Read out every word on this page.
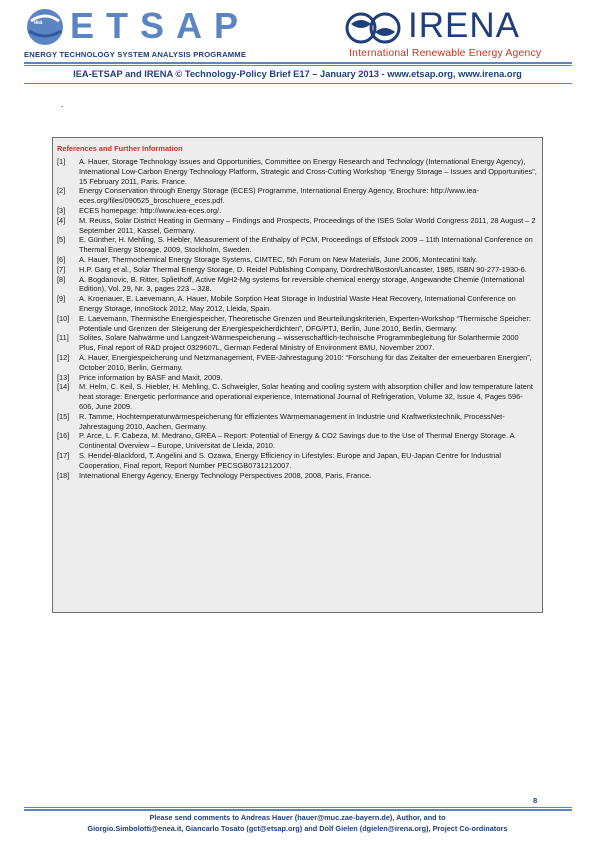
iea ETSAP
ENERGY TECHNOLOGY SYSTEM ANALYSIS PROGRAMME
IRENA
International Renewable Energy Agency
IEA-ETSAP and IRENA © Technology-Policy Brief E17 – January 2013 - www.etsap.org, www.irena.org
.
References and Further Information
[1] A. Hauer, Storage Technology Issues and Opportunities, Committee on Energy Research and Technology (International Energy Agency), International Low-Carbon Energy Technology Platform, Strategic and Cross-Cutting Workshop “Energy Storage – Issues and Opportunities”, 15 February 2011, Paris. France.
[2] Energy Conservation through Energy Storage (ECES) Programme, International Energy Agency, Brochure: http://www.iea-eces.org/files/090525_broschuere_eces.pdf.
[3] ECES homepage: http://www.iea-eces.org/.
[4] M. Reuss, Solar District Heating in Germany – Findings and Prospects, Proceedings of the ISES Solar World Congress 2011, 28 August – 2 September 2011, Kassel, Germany.
[5] E. Günther, H. Mehling, S. Hiebler, Measurement of the Enthalpy of PCM, Proceedings of Effstock 2009 – 11th International Conference on Thermal Energy Storage, 2009, Stockholm, Sweden.
[6] A. Hauer, Thermochemical Energy Storage Systems, CIMTEC, 5th Forum on New Materials, June 2006, Montecatini Italy.
[7] H.P. Garg et al., Solar Thermal Energy Storage, D. Reidel Publishing Company, Dordrecht/Boston/Lancaster, 1985, ISBN 90-277-1930-6.
[8] A. Bogdanovic, B. Ritter, Spliethoff, Active MgH2-Mg systems for reversible chemical energy storage, Angewandte Chemie (International Edition), Vol. 29, Nr. 3, pages 223 – 328.
[9] A. Kroenauer, E. Laevemann, A. Hauer, Mobile Sorption Heat Storage in Industrial Waste Heat Recovery, International Conference on Energy Storage, InnoStock 2012, May 2012, Lleida, Spain.
[10] E. Laevemann, Thermische Energiespeicher, Theoretische Grenzen und Beurteilungskriterien, Experten-Workshop “Thermische Speicher: Potentiale und Grenzen der Steigerung der Energiespeicherdichten”, DFG/PTJ, Berlin, June 2010, Berlin, Germany.
[11] Solites, Solare Nahwärme und Langzeit-Wärmespeicherung – wissenschaftlich-technische Programmbegleitung für Solarthermie 2000 Plus, Final report of R&D project 0329607L, German Federal Ministry of Environment BMU, November 2007.
[12] A. Hauer, Energiespeicherung und Netzmanagement, FVEE-Jahrestagung 2010: “Forschung für das Zeitalter der erneuerbaren Energien”, October 2010, Berlin, Germany.
[13] Price information by BASF and Maxit, 2009.
[14] M. Helm, C. Keil, S. Hiebler, H. Mehling, C. Schweigler, Solar heating and cooling system with absorption chiller and low temperature latent heat storage: Energetic performance and operational experience, International Journal of Refrigeration, Volume 32, Issue 4, Pages 596-606, June 2009.
[15] R. Tamme, Hochtemperaturwärmespeicherung für effizientes Wärmemanagement in Industrie und Kraftwerkstechnik, ProcessNet-Jahrestagung 2010, Aachen, Germany.
[16] P. Arce, L. F. Cabeza, M. Medrano, GREA – Report: Potential of Energy & CO2 Savings due to the Use of Thermal Energy Storage. A Continental Overview – Europe, Universitat de Lleida, 2010.
[17] S. Hendel-Blackford, T. Angelini and S. Ozawa, Energy Efficiency in Lifestyles: Europe and Japan, EU-Japan Centre for Industrial Cooperation, Final report, Report Number PECSGB0731212007.
[18] International Energy Agency, Energy Technology Perspectives 2008, 2008, Paris, France.
8
Please send comments to Andreas Hauer (hauer@muc.zae-bayern.de), Author, and to
Giorgio.Simbolotti@enea.it, Giancarlo Tosato (gct@etsap.org) and Dolf Gielen (dgielen@irena.org), Project Co-ordinators
